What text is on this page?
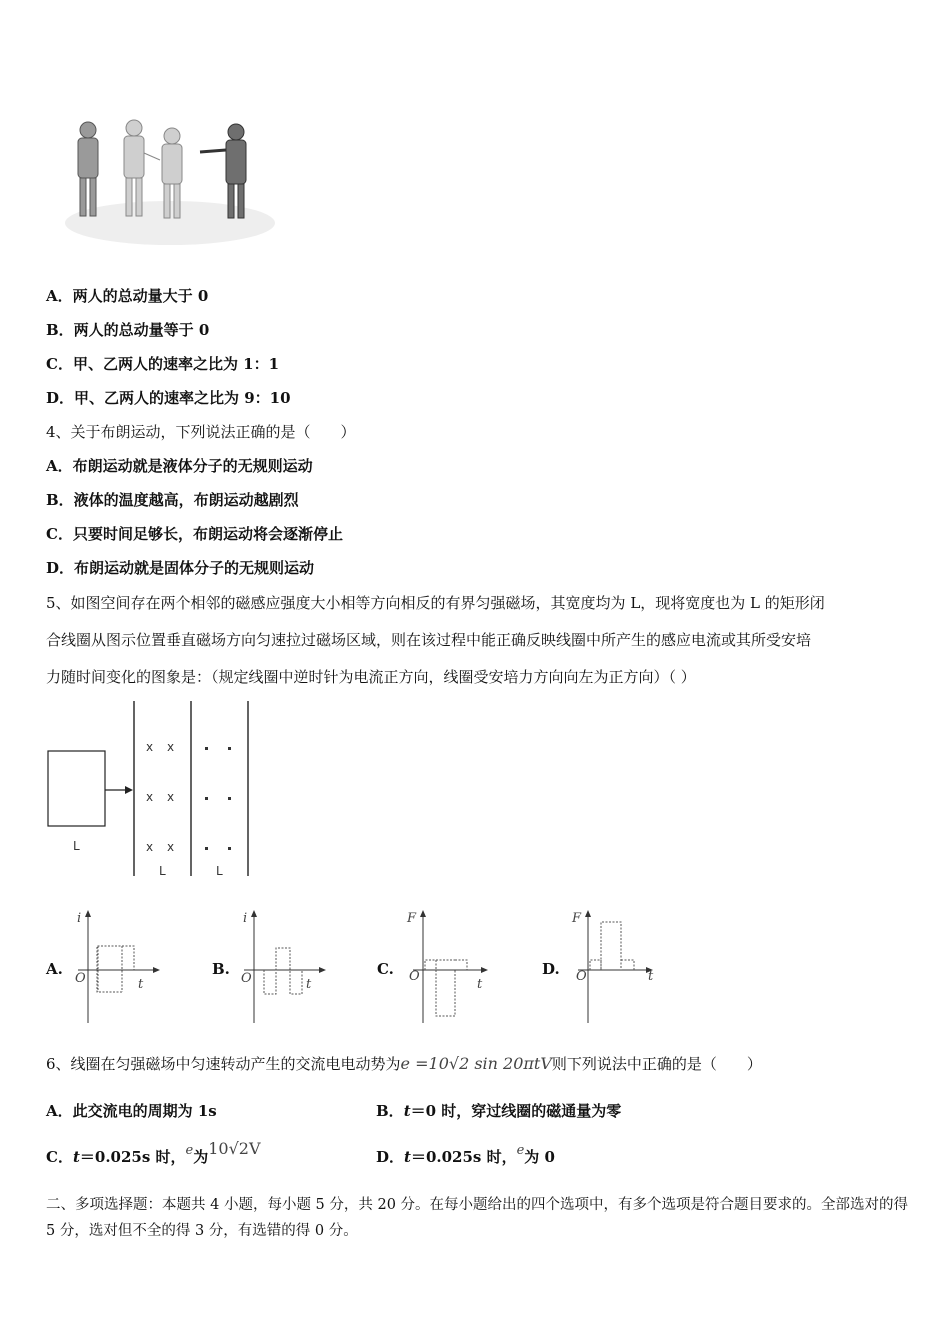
A．两人的总动量大于 0
B．两人的总动量等于 0
C．甲、乙两人的速率之比为 1：1
D．甲、乙两人的速率之比为 9：10
4、关于布朗运动，下列说法正确的是（　　）
A．布朗运动就是液体分子的无规则运动
B．液体的温度越高，布朗运动越剧烈
C．只要时间足够长，布朗运动将会逐渐停止
D．布朗运动就是固体分子的无规则运动
5、如图空间存在两个相邻的磁感应强度大小相等方向相反的有界匀强磁场，其宽度均为 L，现将宽度也为 L 的矩形闭
合线圈从图示位置垂直磁场方向匀速拉过磁场区域，则在该过程中能正确反映线圈中所产生的感应电流或其所受安培
力随时间变化的图象是：（规定线圈中逆时针为电流正方向，线圈受安培力方向向左为正方向）（ ）
L
L	L
x x
x x
x x
A.
i
t
O
B.
i
t
O
C.
F
t
O	D.
F
t
O
6、线圈在匀强磁场中匀速转动产生的交流电电动势为e =10√2 sin 20πtV则下列说法中正确的是（　　）
A．此交流电的周期为 1s	B．t＝0 时，穿过线圈的磁通量为零
C．t＝0.025s 时，e为10√2V	D．t＝0.025s 时，e为 0
二、多项选择题：本题共 4 小题，每小题 5 分，共 20 分。在每小题给出的四个选项中，有多个选项是符合题目要求的。全部选对的得 5 分，选对但不全的得 3 分，有选错的得 0 分。
